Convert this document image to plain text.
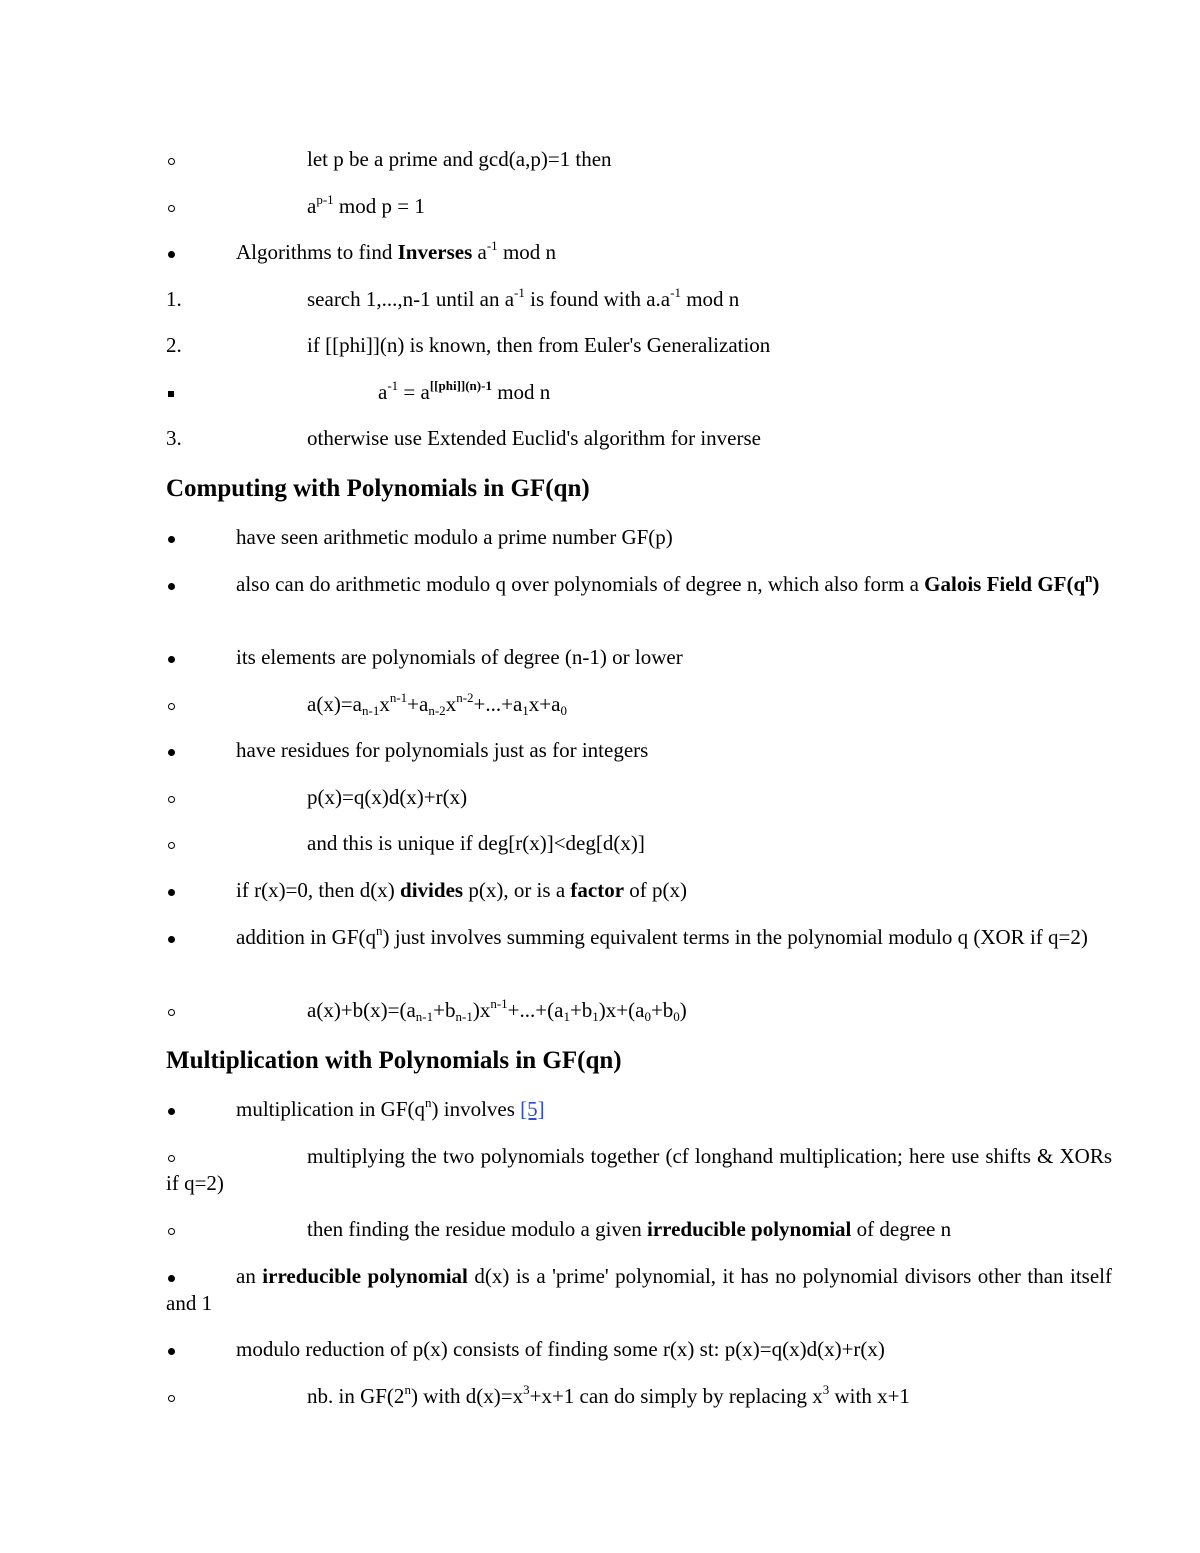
let p be a prime and gcd(a,p)=1 then
$a^{p-1}$ mod p = 1
Algorithms to find Inverses $a^{-1}$ mod n
1.	search 1,...,n-1 until an $a^{-1}$ is found with $a.a^{-1}$ mod n
2.	if [[phi]](n) is known, then from Euler's Generalization
$a^{-1} = a^{[[phi]](n)-1}$ mod n
3.	otherwise use Extended Euclid's algorithm for inverse
Computing with Polynomials in GF(qn)
have seen arithmetic modulo a prime number GF(p)
also can do arithmetic modulo q over polynomials of degree n, which also form a Galois Field $GF(q^n)$
its elements are polynomials of degree (n-1) or lower
$a(x)=a_{n-1}x^{n-1}+a_{n-2}x^{n-2}+...+a_1x+a_0$
have residues for polynomials just as for integers
p(x)=q(x)d(x)+r(x)
and this is unique if deg[r(x)]<deg[d(x)]
if r(x)=0, then d(x) divides p(x), or is a factor of p(x)
addition in $GF(q^n)$ just involves summing equivalent terms in the polynomial modulo q (XOR if q=2)
$a(x)+b(x)=(a_{n-1}+b_{n-1})x^{n-1}+...+(a_1+b_1)x+(a_0+b_0)$
Multiplication with Polynomials in GF(qn)
multiplication in $GF(q^n)$ involves [5]
multiplying the two polynomials together (cf longhand multiplication; here use shifts & XORs if q=2)
then finding the residue modulo a given irreducible polynomial of degree n
an irreducible polynomial d(x) is a 'prime' polynomial, it has no polynomial divisors other than itself and 1
modulo reduction of p(x) consists of finding some r(x) st: p(x)=q(x)d(x)+r(x)
nb. in GF(2$^n$) with $d(x)=x^3+x+1$ can do simply by replacing $x^3$ with x+1
